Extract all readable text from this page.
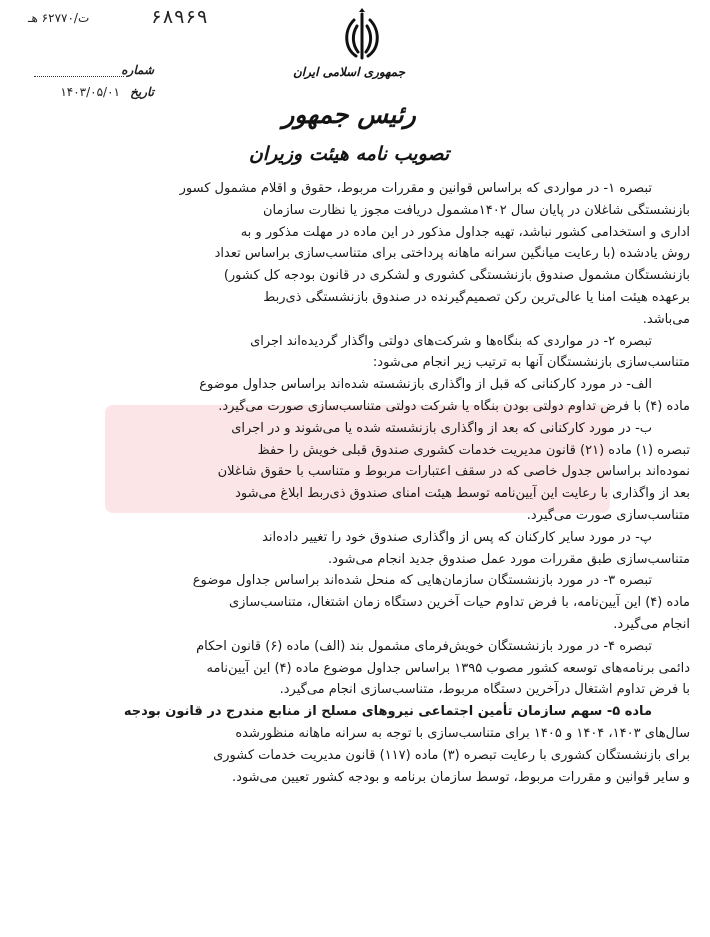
۶۸۹۶۹
ت/۶۲۷۷۰ هـ
شماره
تاریخ
۱۴۰۳/۰۵/۰۱
جمهوری اسلامی ایران
رئیس جمهور
تصویب نامه هیئت وزیران
تبصره ۱- در مواردی که براساس قوانین و مقررات مربوط، حقوق و اقلام مشمول کسور
بازنشستگی شاغلان در پایان سال ۱۴۰۲مشمول دریافت مجوز یا نظارت سازمان
اداری و استخدامی کشور نباشد، تهیه جداول مذکور در این ماده در مهلت مذکور و به
روش یادشده (با رعایت میانگین سرانه ماهانه پرداختی برای متناسب‌سازی براساس تعداد
بازنشستگان مشمول صندوق بازنشستگی کشوری و لشکری در قانون بودجه کل کشور)
برعهده هیئت امنا یا عالی‌ترین رکن تصمیم‌گیرنده در صندوق بازنشستگی ذی‌ربط
می‌باشد.
تبصره ۲- در مواردی که بنگاه‌ها و شرکت‌های دولتی واگذار گردیده‌اند اجرای
متناسب‌سازی بازنشستگان آنها به ترتیب زیر انجام می‌شود:
الف- در مورد کارکنانی که قبل از واگذاری بازنشسته شده‌اند براساس جداول موضوع
ماده (۴) با فرض تداوم دولتی بودن بنگاه یا شرکت دولتی متناسب‌سازی صورت می‌گیرد.
ب- در مورد کارکنانی که بعد از واگذاری بازنشسته شده یا می‌شوند و در اجرای
تبصره (۱) ماده (۲۱) قانون مدیریت خدمات کشوری صندوق قبلی خویش را حفظ
نموده‌اند براساس جدول خاصی که در سقف اعتبارات مربوط و متناسب با حقوق شاغلان
بعد از واگذاری با رعایت این آیین‌نامه توسط هیئت امنای صندوق ذی‌ربط ابلاغ می‌شود
متناسب‌سازی صورت می‌گیرد.
پ- در مورد سایر کارکنان که پس از واگذاری صندوق خود را تغییر داده‌اند
متناسب‌سازی طبق مقررات مورد عمل صندوق جدید انجام می‌شود.
تبصره ۳- در مورد بازنشستگان سازمان‌هایی که منحل شده‌اند براساس جداول موضوع
ماده (۴) این آیین‌نامه، با فرض تداوم حیات آخرین دستگاه زمان اشتغال، متناسب‌سازی
انجام می‌گیرد.
تبصره ۴- در مورد بازنشستگان خویش‌فرمای مشمول بند (الف) ماده (۶) قانون احکام
دائمی برنامه‌های توسعه کشور مصوب ۱۳۹۵ براساس جداول موضوع ماده (۴) این آیین‌نامه
با فرض تداوم اشتغال درآخرین دستگاه مربوط، متناسب‌سازی انجام می‌گیرد.
ماده ۵- سهم سازمان تأمین اجتماعی نیروهای مسلح از منابع مندرج در قانون بودجه
سال‌های ۱۴۰۳، ۱۴۰۴ و ۱۴۰۵ برای متناسب‌سازی با توجه به سرانه ماهانه منظورشده
برای بازنشستگان کشوری با رعایت تبصره (۳) ماده (۱۱۷) قانون مدیریت خدمات کشوری
و سایر قوانین و مقررات مربوط، توسط سازمان برنامه و بودجه کشور تعیین می‌شود.
